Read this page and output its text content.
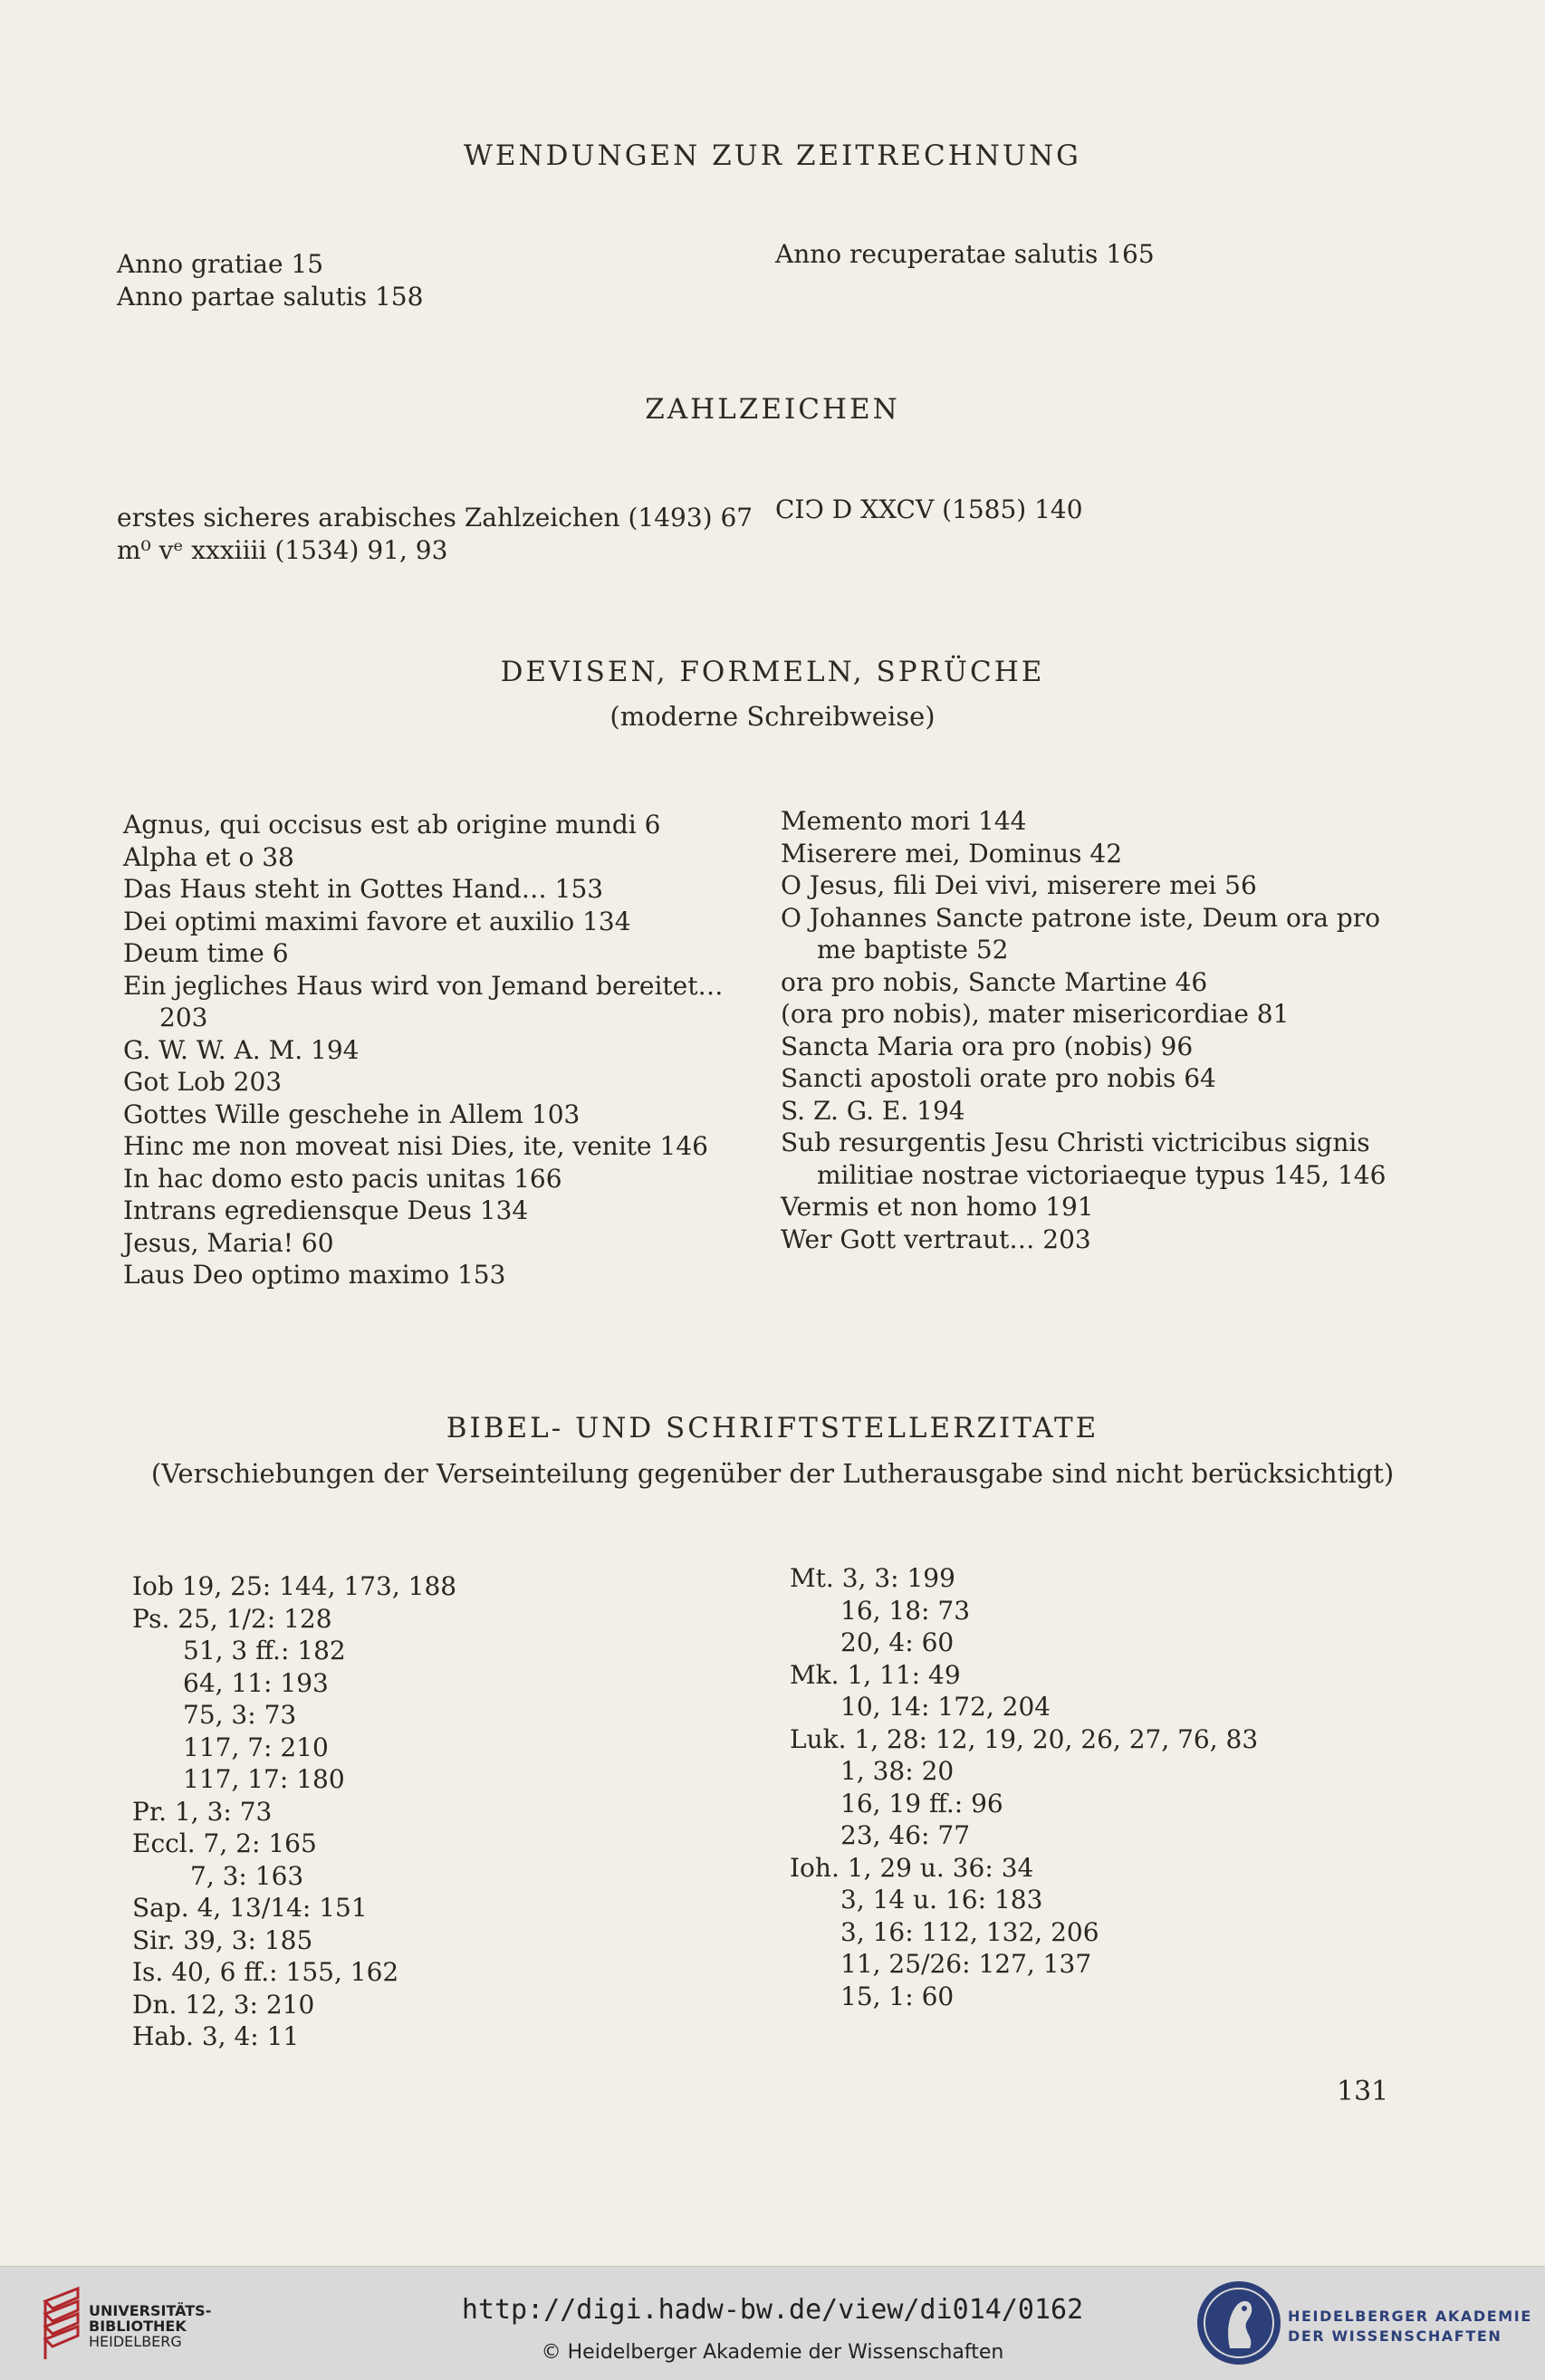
WENDUNGEN ZUR ZEITRECHNUNG
Anno gratiae 15
Anno partae salutis 158
Anno recuperatae salutis 165
ZAHLZEICHEN
erstes sicheres arabisches Zahlzeichen (1493) 67
m⁰ vᵉ xxxiiii (1534) 91, 93
CIↃ D XXCV (1585) 140
DEVISEN, FORMELN, SPRÜCHE
(moderne Schreibweise)
Agnus, qui occisus est ab origine mundi 6
Alpha et o 38
Das Haus steht in Gottes Hand… 153
Dei optimi maximi favore et auxilio 134
Deum time 6
Ein jegliches Haus wird von Jemand bereitet…
203
G. W. W. A. M. 194
Got Lob 203
Gottes Wille geschehe in Allem 103
Hinc me non moveat nisi Dies, ite, venite 146
In hac domo esto pacis unitas 166
Intrans egrediensque Deus 134
Jesus, Maria! 60
Laus Deo optimo maximo 153
Memento mori 144
Miserere mei, Dominus 42
O Jesus, fili Dei vivi, miserere mei 56
O Johannes Sancte patrone iste, Deum ora pro
me baptiste 52
ora pro nobis, Sancte Martine 46
(ora pro nobis), mater misericordiae 81
Sancta Maria ora pro (nobis) 96
Sancti apostoli orate pro nobis 64
S. Z. G. E. 194
Sub resurgentis Jesu Christi victricibus signis
militiae nostrae victoriaeque typus 145, 146
Vermis et non homo 191
Wer Gott vertraut… 203
BIBEL- UND SCHRIFTSTELLERZITATE
(Verschiebungen der Verseinteilung gegenüber der Lutherausgabe sind nicht berücksichtigt)
Iob 19, 25: 144, 173, 188
Ps. 25, 1/2: 128
51, 3 ff.: 182
64, 11: 193
75, 3: 73
117, 7: 210
117, 17: 180
Pr. 1, 3: 73
Eccl. 7, 2: 165
7, 3: 163
Sap. 4, 13/14: 151
Sir. 39, 3: 185
Is. 40, 6 ff.: 155, 162
Dn. 12, 3: 210
Hab. 3, 4: 11
Mt. 3, 3: 199
16, 18: 73
20, 4: 60
Mk. 1, 11: 49
10, 14: 172, 204
Luk. 1, 28: 12, 19, 20, 26, 27, 76, 83
1, 38: 20
16, 19 ff.: 96
23, 46: 77
Ioh. 1, 29 u. 36: 34
3, 14 u. 16: 183
3, 16: 112, 132, 206
11, 25/26: 127, 137
15, 1: 60
131
UNIVERSITÄTS-
BIBLIOTHEK
HEIDELBERG
http://digi.hadw-bw.de/view/di014/0162
© Heidelberger Akademie der Wissenschaften
HEIDELBERGER AKADEMIE
DER WISSENSCHAFTEN
